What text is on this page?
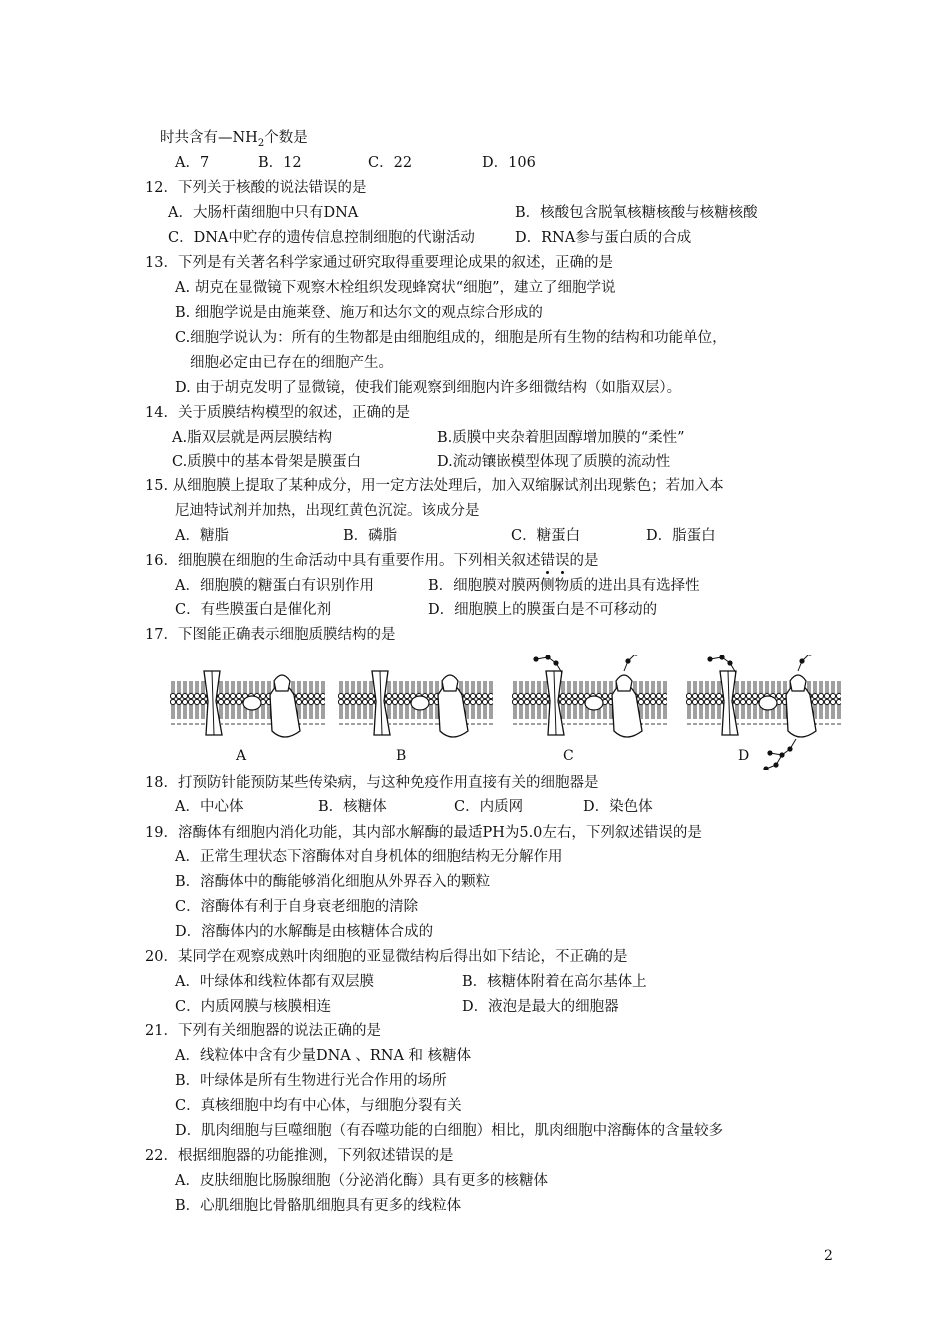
时共含有$—NH_2$个数是
A．7	B．12	C．22	D．106
12．下列关于核酸的说法错误的是
A．大肠杆菌细胞中只有DNA	B．核酸包含脱氧核糖核酸与核糖核酸
C．DNA中贮存的遗传信息控制细胞的代谢活动	D．RNA参与蛋白质的合成
13．下列是有关著名科学家通过研究取得重要理论成果的叙述，正确的是
A. 胡克在显微镜下观察木栓组织发现蜂窝状“细胞”，建立了细胞学说
B. 细胞学说是由施莱登、施万和达尔文的观点综合形成的
C.细胞学说认为：所有的生物都是由细胞组成的，细胞是所有生物的结构和功能单位，
细胞必定由已存在的细胞产生。
D. 由于胡克发明了显微镜，使我们能观察到细胞内许多细微结构（如脂双层）。
14．关于质膜结构模型的叙述，正确的是
A.脂双层就是两层膜结构	B.质膜中夹杂着胆固醇增加膜的“柔性”
C.质膜中的基本骨架是膜蛋白	D.流动镶嵌模型体现了质膜的流动性
15. 从细胞膜上提取了某种成分，用一定方法处理后，加入双缩脲试剂出现紫色；若加入本
尼迪特试剂并加热，出现红黄色沉淀。该成分是
A．糖脂	B．磷脂	C．糖蛋白	D．脂蛋白
16．细胞膜在细胞的生命活动中具有重要作用。下列相关叙述错误的是
A．细胞膜的糖蛋白有识别作用	B．细胞膜对膜两侧物质的进出具有选择性
C．有些膜蛋白是催化剂	D．细胞膜上的膜蛋白是不可移动的
17．下图能正确表示细胞质膜结构的是
A	B	C	D
18．打预防针能预防某些传染病，与这种免疫作用直接有关的细胞器是
A．中心体	B．核糖体	C．内质网	D．染色体
19．溶酶体有细胞内消化功能，其内部水解酶的最适PH为5.0左右，下列叙述错误的是
A．正常生理状态下溶酶体对自身机体的细胞结构无分解作用
B．溶酶体中的酶能够消化细胞从外界吞入的颗粒
C．溶酶体有利于自身衰老细胞的清除
D．溶酶体内的水解酶是由核糖体合成的
20．某同学在观察成熟叶肉细胞的亚显微结构后得出如下结论，不正确的是
A．叶绿体和线粒体都有双层膜	B．核糖体附着在高尔基体上
C．内质网膜与核膜相连	D．液泡是最大的细胞器
21．下列有关细胞器的说法正确的是
A．线粒体中含有少量DNA 、RNA 和 核糖体
B．叶绿体是所有生物进行光合作用的场所
C．真核细胞中均有中心体，与细胞分裂有关
D．肌肉细胞与巨噬细胞（有吞噬功能的白细胞）相比，肌肉细胞中溶酶体的含量较多
22．根据细胞器的功能推测，下列叙述错误的是
A．皮肤细胞比肠腺细胞（分泌消化酶）具有更多的核糖体
B．心肌细胞比骨骼肌细胞具有更多的线粒体
2
